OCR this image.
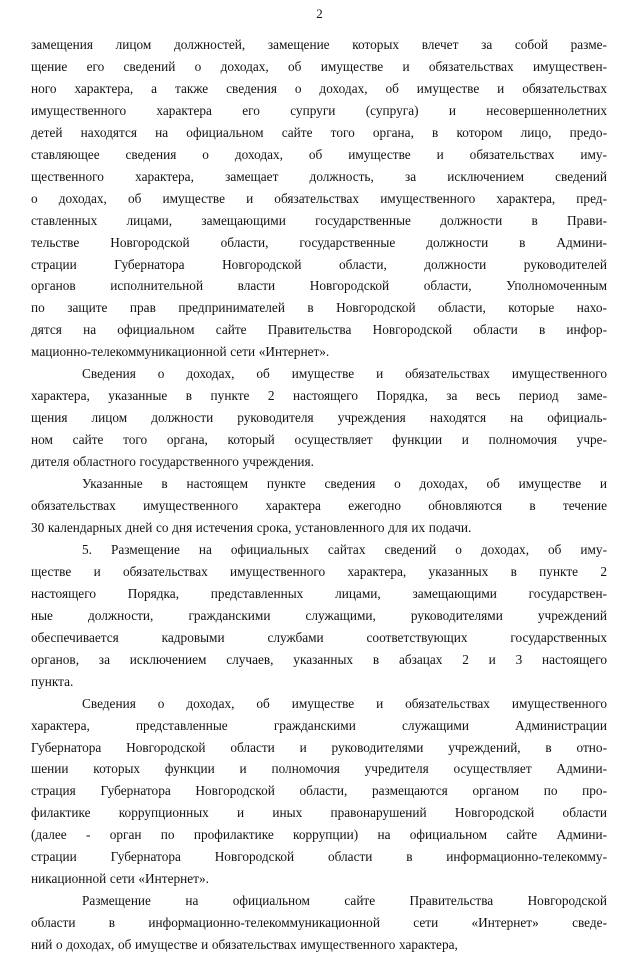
2
замещения лицом должностей, замещение которых влечет за собой разме-
щение его сведений о доходах, об имуществе и обязательствах имуществен-
ного характера, а также сведения о доходах, об имуществе и обязательствах
имущественного характера его супруги (супруга) и несовершеннолетних
детей находятся на официальном сайте того органа, в котором лицо, предо-
ставляющее сведения о доходах, об имуществе и обязательствах иму-
щественного характера, замещает должность, за исключением сведений
о доходах, об имуществе и обязательствах имущественного характера, пред-
ставленных лицами, замещающими государственные должности в Прави-
тельстве Новгородской области, государственные должности в Админи-
страции Губернатора Новгородской области, должности руководителей
органов исполнительной власти Новгородской области, Уполномоченным
по защите прав предпринимателей в Новгородской области, которые нахо-
дятся на официальном сайте Правительства Новгородской области в инфор-
мационно-телекоммуникационной сети «Интернет».
Сведения о доходах, об имуществе и обязательствах имущественного
характера, указанные в пункте 2 настоящего Порядка, за весь период заме-
щения лицом должности руководителя учреждения находятся на официаль-
ном сайте того органа, который осуществляет функции и полномочия учре-
дителя областного государственного учреждения.
Указанные в настоящем пункте сведения о доходах, об имуществе и
обязательствах имущественного характера ежегодно обновляются в течение
30 календарных дней со дня истечения срока, установленного для их подачи.
5. Размещение на официальных сайтах сведений о доходах, об иму-
ществе и обязательствах имущественного характера, указанных в пункте 2
настоящего Порядка, представленных лицами, замещающими государствен-
ные должности, гражданскими служащими, руководителями учреждений
обеспечивается кадровыми службами соответствующих государственных
органов, за исключением случаев, указанных в абзацах 2 и 3 настоящего
пункта.
Сведения о доходах, об имуществе и обязательствах имущественного
характера, представленные гражданскими служащими Администрации
Губернатора Новгородской области и руководителями учреждений, в отно-
шении которых функции и полномочия учредителя осуществляет Админи-
страция Губернатора Новгородской области, размещаются органом по про-
филактике коррупционных и иных правонарушений Новгородской области
(далее - орган по профилактике коррупции) на официальном сайте Админи-
страции Губернатора Новгородской области в информационно-телекомму-
никационной сети «Интернет».
Размещение на официальном сайте Правительства Новгородской
области в информационно-телекоммуникационной сети «Интернет» сведе-
ний о доходах, об имуществе и обязательствах имущественного характера,
